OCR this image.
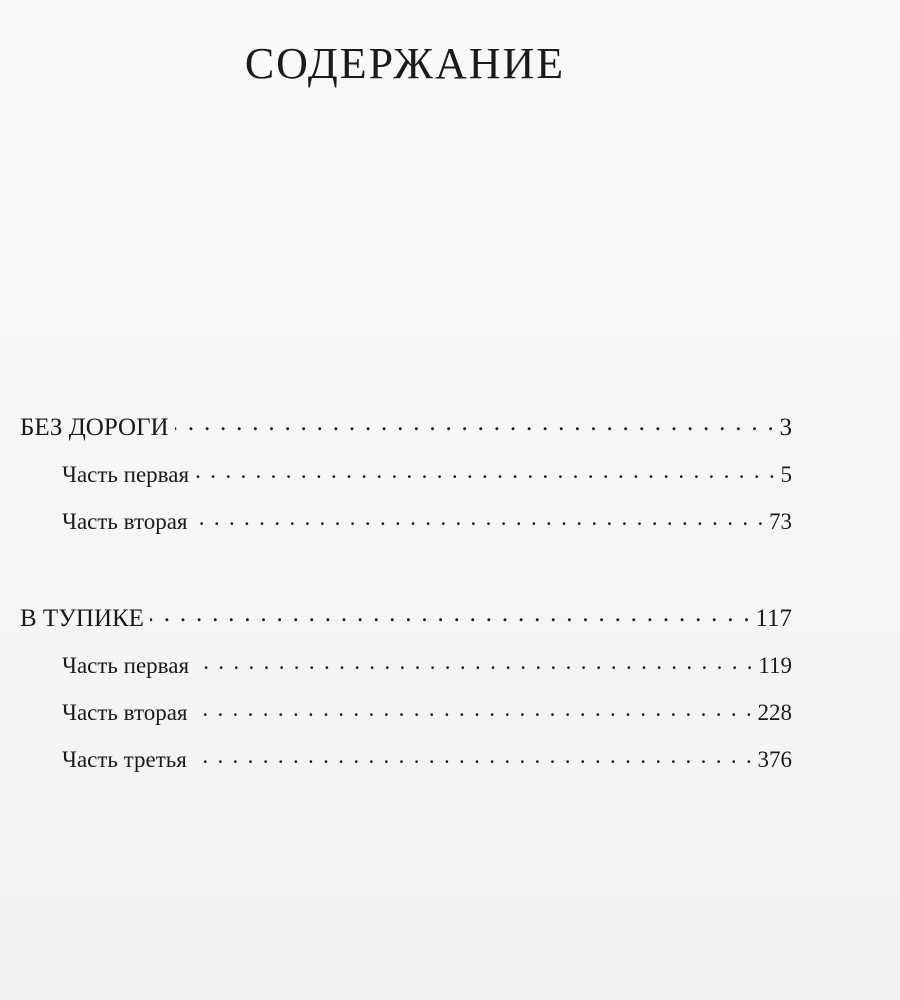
СОДЕРЖАНИЕ
БЕЗ ДОРОГИ . . .	3
Часть первая . . .	5
Часть вторая . . .	73
В ТУПИКЕ . . .	117
Часть первая . . .	119
Часть вторая . . .	228
Часть третья . . .	376
